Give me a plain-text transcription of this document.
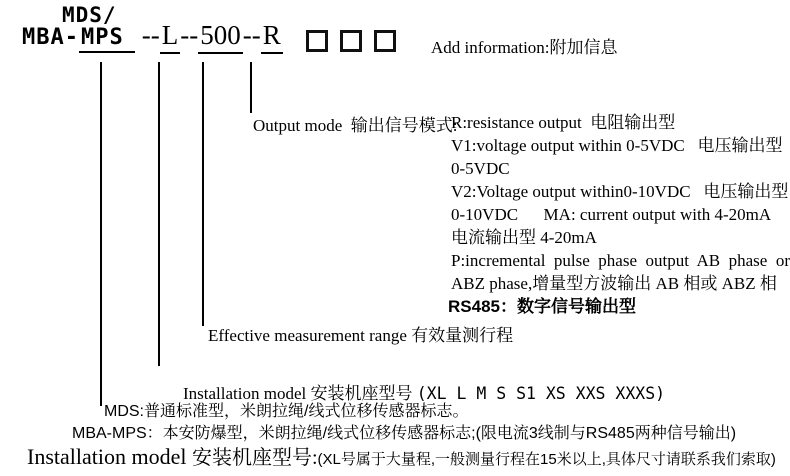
MDS/
MBA - MPS -- L -- 500 -- R	Add information:附加信息
Output mode  输出信号模式:
R:resistance output  电阻输出型
V1:voltage output within 0-5VDC   电压输出型
0-5VDC
V2:Voltage output within0-10VDC   电压输出型
0-10VDC      MA: current output with 4-20mA
电流输出型 4-20mA
P:incremental  pulse  phase  output  AB  phase  or
ABZ phase,增量型方波输出 AB 相或 ABZ 相
RS485：数字信号输出型
Effective measurement range 有效量测行程

Installation model 安装机座型号 (XL L M S S1 XS XXS XXXS)

MDS:普通标准型，米朗拉绳/线式位移传感器标志。
MBA-MPS：本安防爆型，米朗拉绳/线式位移传感器标志;(限电流3线制与RS485两种信号输出)
Installation model 安装机座型号: (XL号属于大量程,一般测量行程在15米以上,具体尺寸请联系我们索取)
